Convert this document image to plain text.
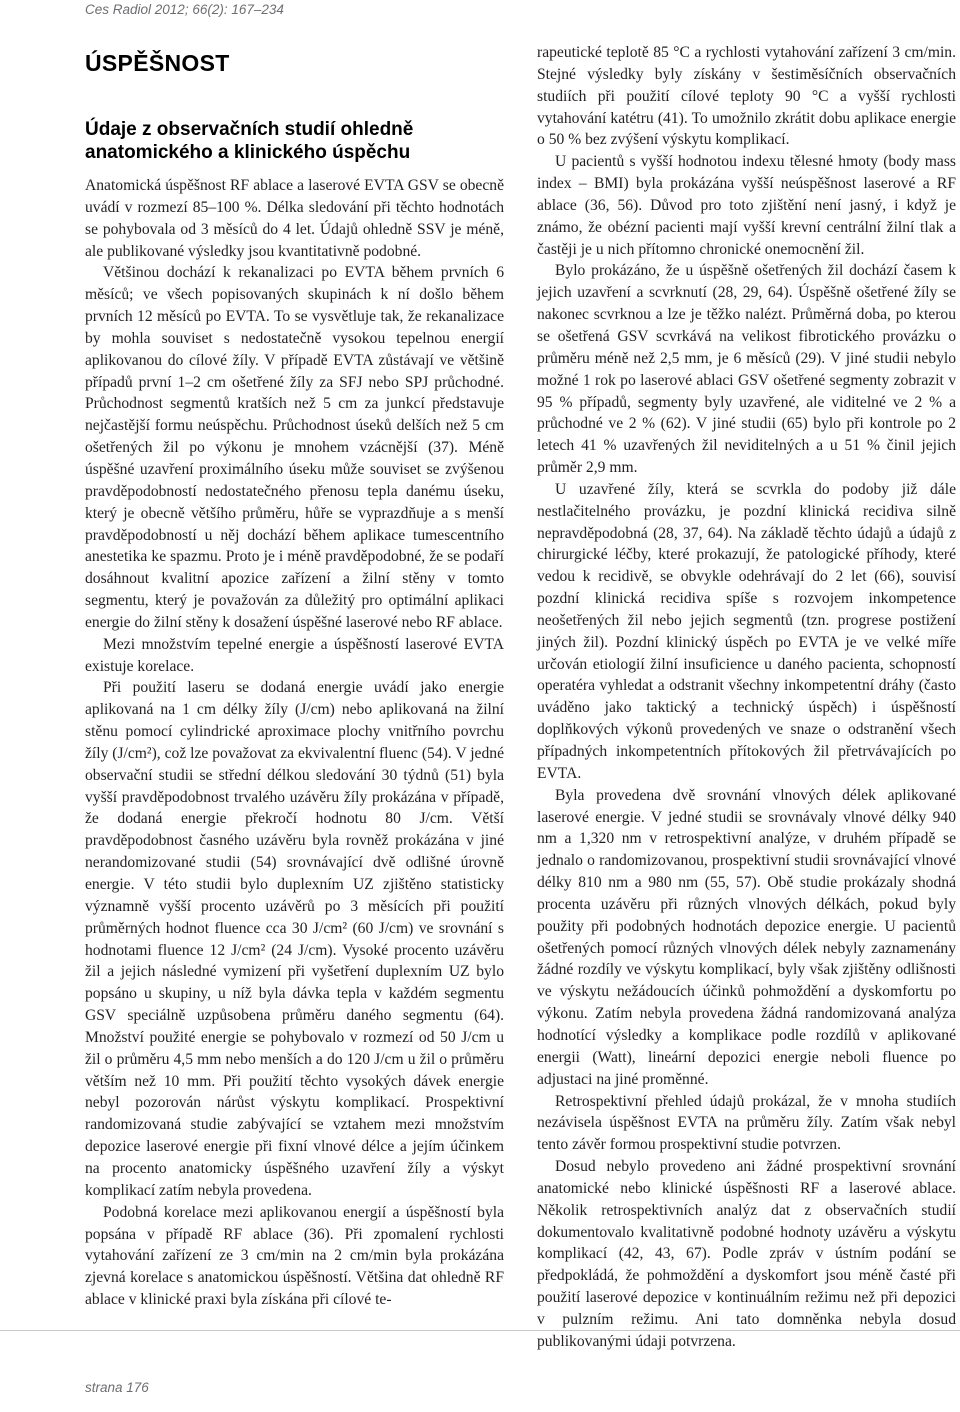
Ces Radiol 2012; 66(2): 167–234
ÚSPĚŠNOST
Údaje z observačních studií ohledně anatomického a klinického úspěchu

Anatomická úspěšnost RF ablace a laserové EVTA GSV se obecně uvádí v rozmezí 85–100 %. Délka sledování při těchto hodnotách se pohybovala od 3 měsíců do 4 let. Údajů ohledně SSV je méně, ale publikované výsledky jsou kvantitativně podobné.

Většinou dochází k rekanalizaci po EVTA během prvních 6 měsíců; ve všech popisovaných skupinách k ní došlo během prvních 12 měsíců po EVTA. To se vysvětluje tak, že rekanalizace by mohla souviset s nedostatečně vysokou tepelnou energií aplikovanou do cílové žíly. V případě EVTA zůstávají ve většině případů první 1–2 cm ošetřené žíly za SFJ nebo SPJ průchodné. Průchodnost segmentů kratších než 5 cm za junkcí představuje nejčastější formu neúspěchu. Průchodnost úseků delších než 5 cm ošetřených žil po výkonu je mnohem vzácnější (37). Méně úspěšné uzavření proximálního úseku může souviset se zvýšenou pravděpodobností nedostatečného přenosu tepla danému úseku, který je obecně většího průměru, hůře se vyprazdňuje a s menší pravděpodobností u něj dochází během aplikace tumescentního anestetika ke spazmu. Proto je i méně pravděpodobné, že se podaří dosáhnout kvalitní apozice zařízení a žilní stěny v tomto segmentu, který je považován za důležitý pro optimální aplikaci energie do žilní stěny k dosažení úspěšné laserové nebo RF ablace.

Mezi množstvím tepelné energie a úspěšností laserové EVTA existuje korelace.

Při použití laseru se dodaná energie uvádí jako energie aplikovaná na 1 cm délky žíly (J/cm) nebo aplikovaná na žilní stěnu pomocí cylindrické aproximace plochy vnitřního povrchu žíly (J/cm²), což lze považovat za ekvivalentní fluenc (54). V jedné observační studii se střední délkou sledování 30 týdnů (51) byla vyšší pravděpodobnost trvalého uzávěru žíly prokázána v případě, že dodaná energie překročí hodnotu 80 J/cm. Větší pravděpodobnost časného uzávěru byla rovněž prokázána v jiné nerandomizované studii (54) srovnávající dvě odlišné úrovně energie. V této studii bylo duplexním UZ zjištěno statisticky významně vyšší procento uzávěrů po 3 měsících při použití průměrných hodnot fluence cca 30 J/cm² (60 J/cm) ve srovnání s hodnotami fluence 12 J/cm² (24 J/cm). Vysoké procento uzávěru žil a jejich následné vymizení při vyšetření duplexním UZ bylo popsáno u skupiny, u níž byla dávka tepla v každém segmentu GSV speciálně uzpůsobena průměru daného segmentu (64). Množství použité energie se pohybovalo v rozmezí od 50 J/cm u žil o průměru 4,5 mm nebo menších a do 120 J/cm u žil o průměru větším než 10 mm. Při použití těchto vysokých dávek energie nebyl pozorován nárůst výskytu komplikací. Prospektivní randomizovaná studie zabývající se vztahem mezi množstvím depozice laserové energie při fixní vlnové délce a jejím účinkem na procento anatomicky úspěšného uzavření žíly a výskyt komplikací zatím nebyla provedena.

Podobná korelace mezi aplikovanou energií a úspěšností byla popsána v případě RF ablace (36). Při zpomalení rychlosti vytahování zařízení ze 3 cm/min na 2 cm/min byla prokázána zjevná korelace s anatomickou úspěšností. Většina dat ohledně RF ablace v klinické praxi byla získána při cílové te-

rapeutické teplotě 85 °C a rychlosti vytahování zařízení 3 cm/min. Stejné výsledky byly získány v šestiměsíčních observačních studiích při použití cílové teploty 90 °C a vyšší rychlosti vytahování katétru (41). To umožnilo zkrátit dobu aplikace energie o 50 % bez zvýšení výskytu komplikací.

U pacientů s vyšší hodnotou indexu tělesné hmoty (body mass index – BMI) byla prokázána vyšší neúspěšnost laserové a RF ablace (36, 56). Důvod pro toto zjištění není jasný, i když je známo, že obézní pacienti mají vyšší krevní centrální žilní tlak a častěji je u nich přítomno chronické onemocnění žil.

Bylo prokázáno, že u úspěšně ošetřených žil dochází časem k jejich uzavření a scvrknutí (28, 29, 64). Úspěšně ošetřené žíly se nakonec scvrknou a lze je těžko nalézt. Průměrná doba, po kterou se ošetřená GSV scvrkává na velikost fibrotického provázku o průměru méně než 2,5 mm, je 6 měsíců (29). V jiné studii nebylo možné 1 rok po laserové ablaci GSV ošetřené segmenty zobrazit v 95 % případů, segmenty byly uzavřené, ale viditelné ve 2 % a průchodné ve 2 % (62). V jiné studii (65) bylo při kontrole po 2 letech 41 % uzavřených žil neviditelných a u 51 % činil jejich průměr 2,9 mm.

U uzavřené žíly, která se scvrkla do podoby již dále nestlačitelného provázku, je pozdní klinická recidiva silně nepravděpodobná (28, 37, 64). Na základě těchto údajů a údajů z chirurgické léčby, které prokazují, že patologické příhody, které vedou k recidivě, se obvykle odehrávají do 2 let (66), souvisí pozdní klinická recidiva spíše s rozvojem inkompetence neošetřených žil nebo jejich segmentů (tzn. progrese postižení jiných žil). Pozdní klinický úspěch po EVTA je ve velké míře určován etiologií žilní insuficience u daného pacienta, schopností operatéra vyhledat a odstranit všechny inkompetentní dráhy (často uváděno jako taktický a technický úspěch) i úspěšností doplňkových výkonů provedených ve snaze o odstranění všech případných inkompetentních přítokových žil přetrvávajících po EVTA.

Byla provedena dvě srovnání vlnových délek aplikované laserové energie. V jedné studii se srovnávaly vlnové délky 940 nm a 1,320 nm v retrospektivní analýze, v druhém případě se jednalo o randomizovanou, prospektivní studii srovnávající vlnové délky 810 nm a 980 nm (55, 57). Obě studie prokázaly shodná procenta uzávěru při různých vlnových délkách, pokud byly použity při podobných hodnotách depozice energie. U pacientů ošetřených pomocí různých vlnových délek nebyly zaznamenány žádné rozdíly ve výskytu komplikací, byly však zjištěny odlišnosti ve výskytu nežádoucích účinků pohmoždění a dyskomfortu po výkonu. Zatím nebyla provedena žádná randomizovaná analýza hodnotící výsledky a komplikace podle rozdílů v aplikované energii (Watt), lineární depozici energie neboli fluence po adjustaci na jiné proměnné.

Retrospektivní přehled údajů prokázal, že v mnoha studiích nezávisela úspěšnost EVTA na průměru žíly. Zatím však nebyl tento závěr formou prospektivní studie potvrzen.

Dosud nebylo provedeno ani žádné prospektivní srovnání anatomické nebo klinické úspěšnosti RF a laserové ablace. Několik retrospektivních analýz dat z observačních studií dokumentovalo kvalitativně podobné hodnoty uzávěru a výskytu komplikací (42, 43, 67). Podle zpráv v ústním podání se předpokládá, že pohmoždění a dyskomfort jsou méně časté při použití laserové depozice v kontinuálním režimu než při depozici v pulzním režimu. Ani tato domněnka nebyla dosud publikovanými údaji potvrzena.

strana 176
